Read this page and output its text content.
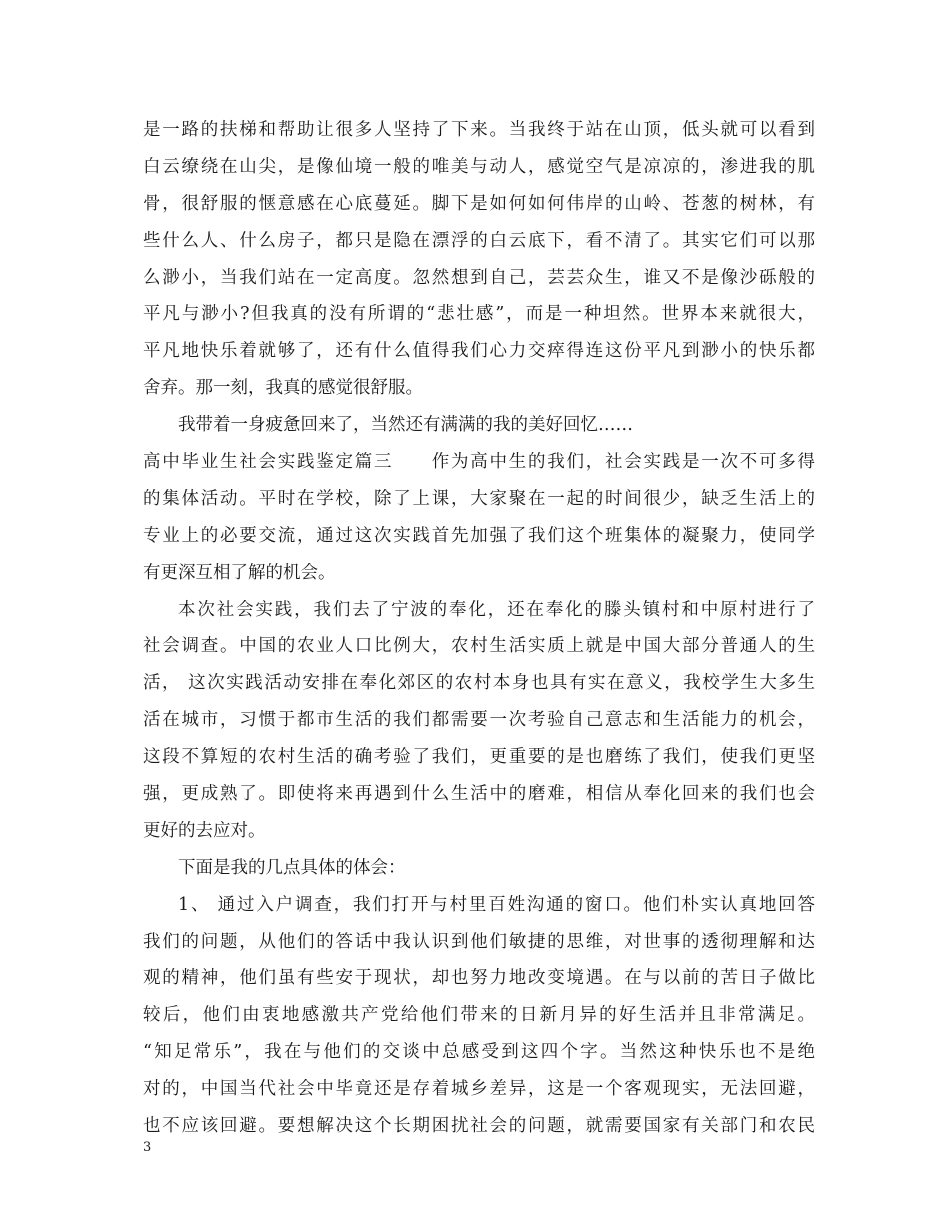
是一路的扶梯和帮助让很多人坚持了下来。当我终于站在山顶，低头就可以看到
白云缭绕在山尖，是像仙境一般的唯美与动人，感觉空气是凉凉的，渗进我的肌
骨，很舒服的惬意感在心底蔓延。脚下是如何如何伟岸的山岭、苍葱的树林，有
些什么人、什么房子，都只是隐在漂浮的白云底下，看不清了。其实它们可以那
么渺小，当我们站在一定高度。忽然想到自己，芸芸众生，谁又不是像沙砾般的
平凡与渺小?但我真的没有所谓的“悲壮感”，而是一种坦然。世界本来就很大，
平凡地快乐着就够了，还有什么值得我们心力交瘁得连这份平凡到渺小的快乐都
舍弃。那一刻，我真的感觉很舒服。
我带着一身疲惫回来了，当然还有满满的我的美好回忆……
高中毕业生社会实践鉴定篇三　　作为高中生的我们，社会实践是一次不可多得
的集体活动。平时在学校，除了上课，大家聚在一起的时间很少，缺乏生活上的
专业上的必要交流，通过这次实践首先加强了我们这个班集体的凝聚力，使同学
有更深互相了解的机会。
本次社会实践，我们去了宁波的奉化，还在奉化的滕头镇村和中原村进行了
社会调查。中国的农业人口比例大，农村生活实质上就是中国大部分普通人的生
活， 这次实践活动安排在奉化郊区的农村本身也具有实在意义，我校学生大多生
活在城市，习惯于都市生活的我们都需要一次考验自己意志和生活能力的机会，
这段不算短的农村生活的确考验了我们，更重要的是也磨练了我们，使我们更坚
强，更成熟了。即使将来再遇到什么生活中的磨难，相信从奉化回来的我们也会
更好的去应对。
下面是我的几点具体的体会：
1、 通过入户调查，我们打开与村里百姓沟通的窗口。他们朴实认真地回答
我们的问题，从他们的答话中我认识到他们敏捷的思维，对世事的透彻理解和达
观的精神，他们虽有些安于现状，却也努力地改变境遇。在与以前的苦日子做比
较后，他们由衷地感激共产党给他们带来的日新月异的好生活并且非常满足。
“知足常乐”，我在与他们的交谈中总感受到这四个字。当然这种快乐也不是绝
对的，中国当代社会中毕竟还是存着城乡差异，这是一个客观现实，无法回避，
也不应该回避。要想解决这个长期困扰社会的问题，就需要国家有关部门和农民
3
